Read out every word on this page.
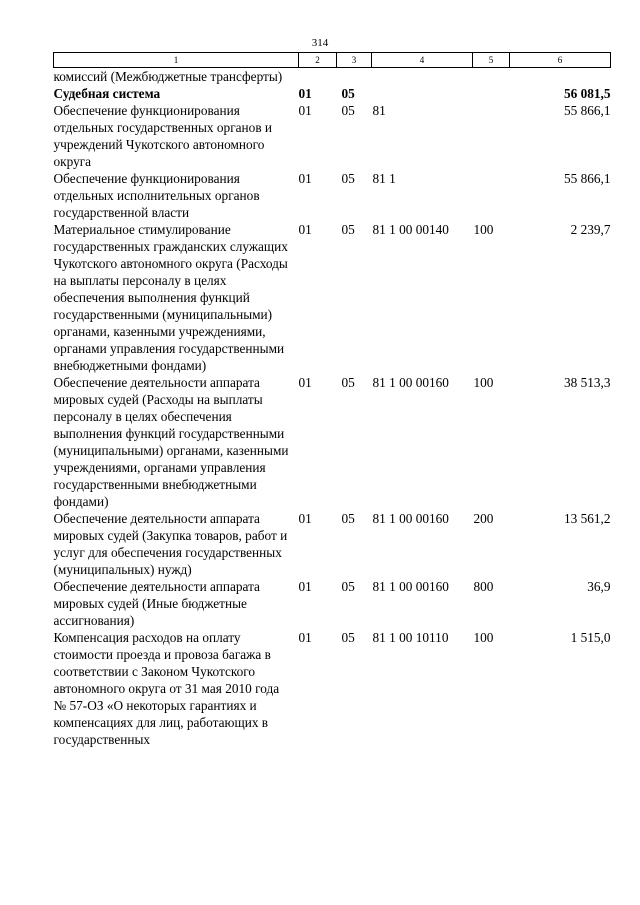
314
1	2	3	4	5	6
комиссий (Межбюджетные трансферты)					
Судебная система	01	05			56 081,5
Обеспечение функционирования отдельных государственных органов и учреждений Чукотского автономного округа	01	05	81		55 866,1
Обеспечение функционирования отдельных исполнительных органов государственной власти	01	05	81 1		55 866,1
Материальное стимулирование государственных гражданских служащих Чукотского автономного округа (Расходы на выплаты персоналу в целях обеспечения выполнения функций государственными (муниципальными) органами, казенными учреждениями, органами управления государственными внебюджетными фондами)	01	05	81 1 00 00140	100	2 239,7
Обеспечение деятельности аппарата мировых судей (Расходы на выплаты персоналу в целях обеспечения выполнения функций государственными (муниципальными) органами, казенными учреждениями, органами управления государственными внебюджетными фондами)	01	05	81 1 00 00160	100	38 513,3
Обеспечение деятельности аппарата мировых судей (Закупка товаров, работ и услуг для обеспечения государственных (муниципальных) нужд)	01	05	81 1 00 00160	200	13 561,2
Обеспечение деятельности аппарата мировых судей (Иные бюджетные ассигнования)	01	05	81 1 00 00160	800	36,9
Компенсация расходов на оплату стоимости проезда и провоза багажа в соответствии с Законом Чукотского автономного округа от 31 мая 2010 года № 57-ОЗ «О некоторых гарантиях и компенсациях для лиц, работающих в государственных	01	05	81 1 00 10110	100	1 515,0
